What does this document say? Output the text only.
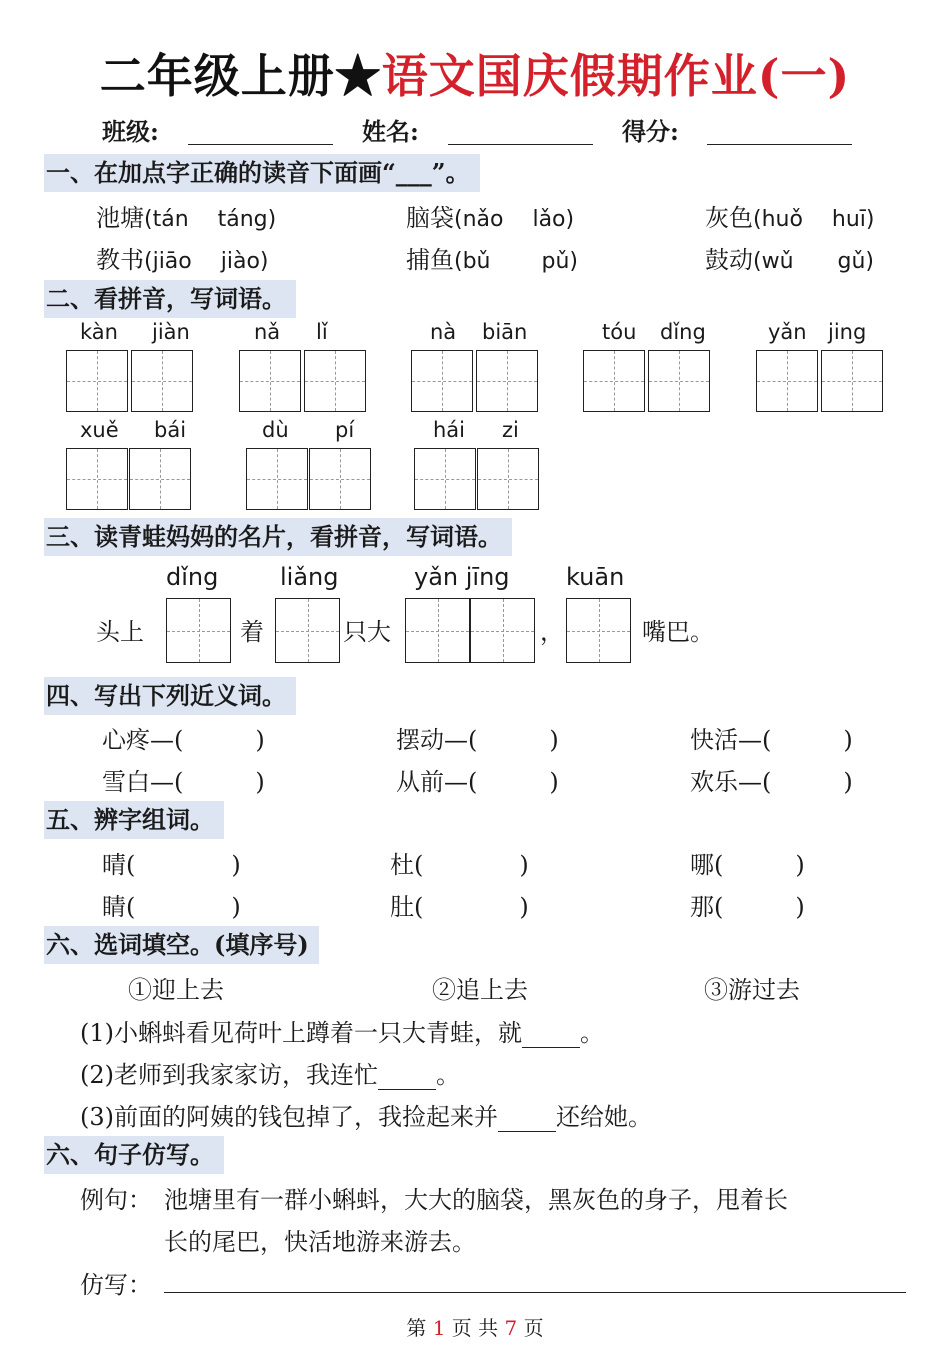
二年级上册★语文国庆假期作业(一)
班级:	姓名:	得分:
一、在加点字正确的读音下面画“___”。
池塘(tán　 táng)	脑袋(nǎo　 lǎo)	灰色(huǒ　 huī)
教书(jiāo　 jiào)	捕鱼(bǔ　　 pǔ)	鼓动(wǔ　　gǔ)
二、看拼音，写词语。
kàn jiàn	nǎ lǐ	nà biān	tóu dǐng	yǎn jing
xuě bái	dù pí	hái zi
三、读青蛙妈妈的名片，看拼音，写词语。
dǐng	liǎng	yǎn jīng kuān
头上	着	只大	，	嘴巴。
四、写出下列近义词。
心疼—(　　　)	摆动—(　　　)	快活—(　　　)
雪白—(　　　)	从前—(　　　)	欢乐—(　　　)
五、辨字组词。
晴(　　　　)	杜(　　　　)	哪(　　　)
睛(　　　　)	肚(　　　　)	那(　　　)
六、选词填空。(填序号)
①迎上去	②追上去	③游过去
(1)小蝌蚪看见荷叶上蹲着一只大青蛙，就 。
(2)老师到我家家访，我连忙 。
(3)前面的阿姨的钱包掉了，我捡起来并 还给她。
六、句子仿写。
例句： 池塘里有一群小蝌蚪，大大的脑袋，黑灰色的身子，甩着长
长的尾巴，快活地游来游去。
仿写：
第 1 页 共 7 页
